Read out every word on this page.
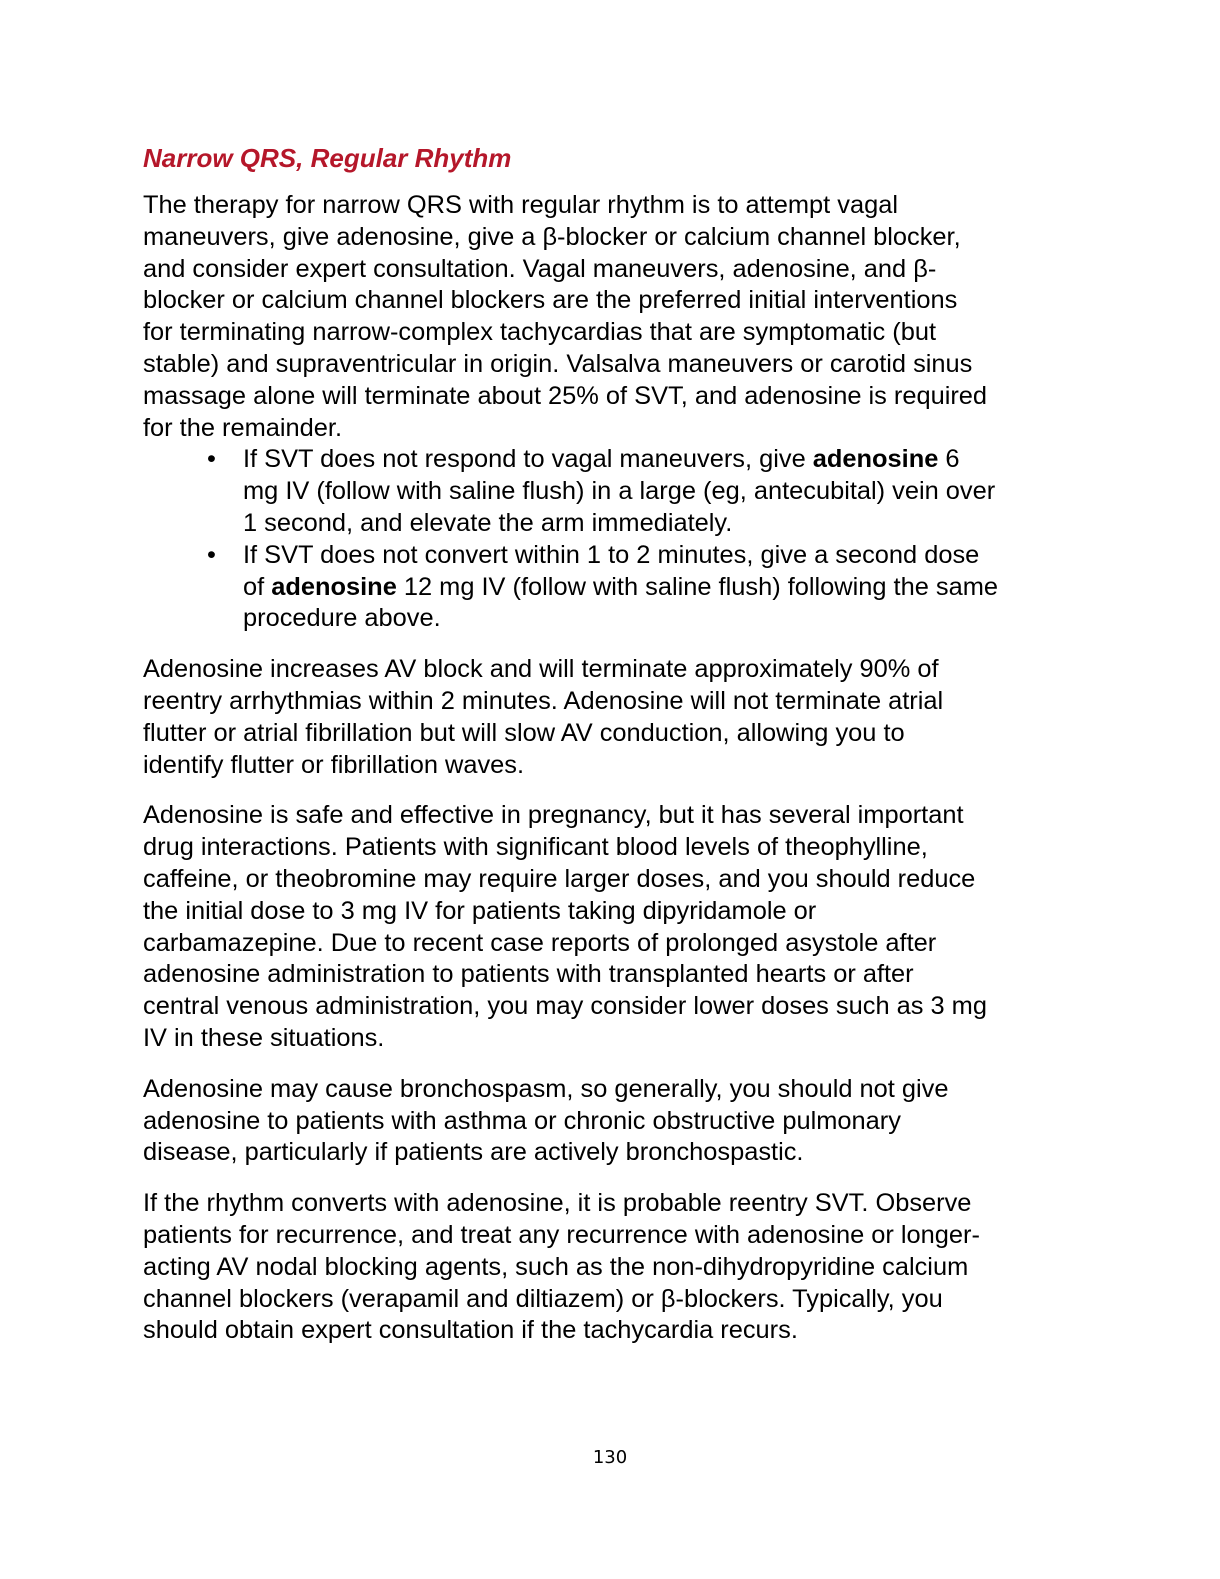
Narrow QRS, Regular Rhythm

The therapy for narrow QRS with regular rhythm is to attempt vagal
maneuvers, give adenosine, give a β-blocker or calcium channel blocker,
and consider expert consultation. Vagal maneuvers, adenosine, and β-
blocker or calcium channel blockers are the preferred initial interventions
for terminating narrow-complex tachycardias that are symptomatic (but
stable) and supraventricular in origin. Valsalva maneuvers or carotid sinus
massage alone will terminate about 25% of SVT, and adenosine is required
for the remainder.

• If SVT does not respond to vagal maneuvers, give adenosine 6
mg IV (follow with saline flush) in a large (eg, antecubital) vein over
1 second, and elevate the arm immediately.
• If SVT does not convert within 1 to 2 minutes, give a second dose
of adenosine 12 mg IV (follow with saline flush) following the same
procedure above.

Adenosine increases AV block and will terminate approximately 90% of
reentry arrhythmias within 2 minutes. Adenosine will not terminate atrial
flutter or atrial fibrillation but will slow AV conduction, allowing you to
identify flutter or fibrillation waves.

Adenosine is safe and effective in pregnancy, but it has several important
drug interactions. Patients with significant blood levels of theophylline,
caffeine, or theobromine may require larger doses, and you should reduce
the initial dose to 3 mg IV for patients taking dipyridamole or
carbamazepine. Due to recent case reports of prolonged asystole after
adenosine administration to patients with transplanted hearts or after
central venous administration, you may consider lower doses such as 3 mg
IV in these situations.

Adenosine may cause bronchospasm, so generally, you should not give
adenosine to patients with asthma or chronic obstructive pulmonary
disease, particularly if patients are actively bronchospastic.

If the rhythm converts with adenosine, it is probable reentry SVT. Observe
patients for recurrence, and treat any recurrence with adenosine or longer-
acting AV nodal blocking agents, such as the non-dihydropyridine calcium
channel blockers (verapamil and diltiazem) or β-blockers. Typically, you
should obtain expert consultation if the tachycardia recurs.

130
